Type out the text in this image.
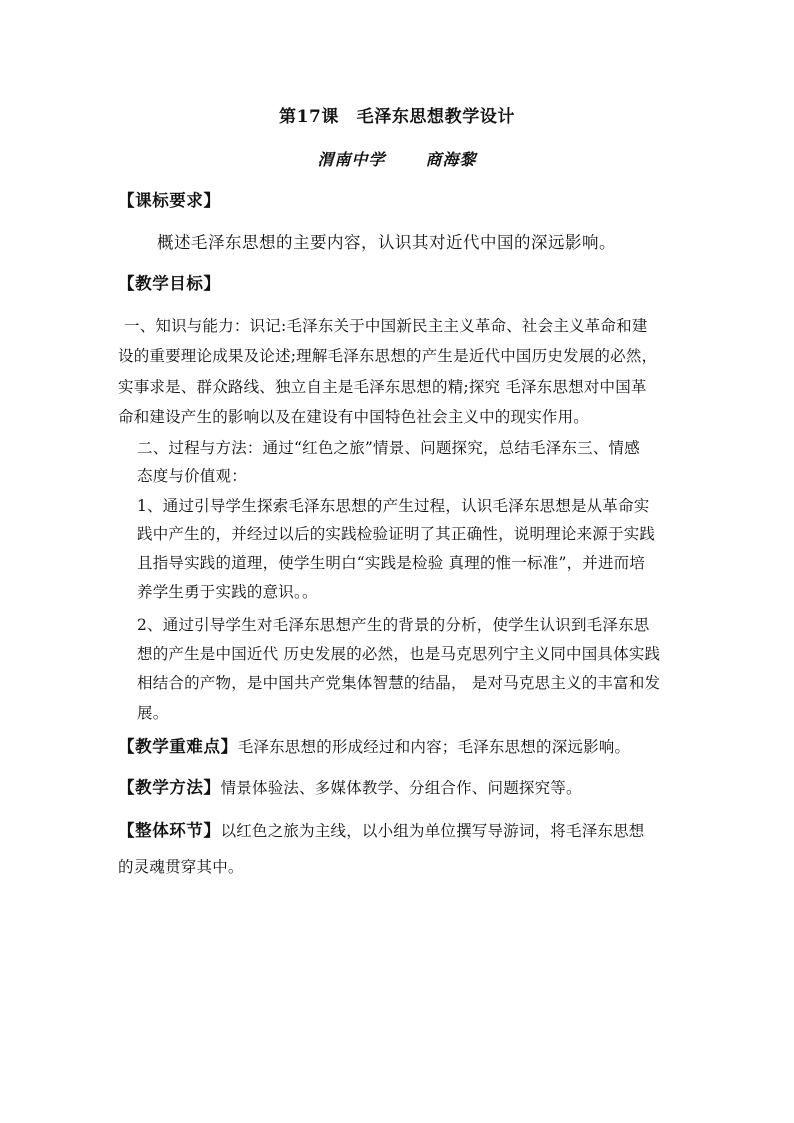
第17课　毛泽东思想教学设计
渭南中学	商海黎
【课标要求】
概述毛泽东思想的主要内容，认识其对近代中国的深远影响。
【教学目标】
一、知识与能力：识记:毛泽东关于中国新民主主义革命、社会主义革命和建
设的重要理论成果及论述;理解毛泽东思想的产生是近代中国历史发展的必然，
实事求是、群众路线、独立自主是毛泽东思想的精;探究 毛泽东思想对中国革
命和建设产生的影响以及在建设有中国特色社会主义中的现实作用。
二、过程与方法：通过“红色之旅”情景、问题探究，总结毛泽东三、情感
态度与价值观：
1、通过引导学生探索毛泽东思想的产生过程，认识毛泽东思想是从革命实
践中产生的，并经过以后的实践检验证明了其正确性，说明理论来源于实践
且指导实践的道理，使学生明白“实践是检验 真理的惟一标准”，并进而培
养学生勇于实践的意识。。
2、通过引导学生对毛泽东思想产生的背景的分析，使学生认识到毛泽东思
想的产生是中国近代 历史发展的必然，也是马克思列宁主义同中国具体实践
相结合的产物，是中国共产党集体智慧的结晶， 是对马克思主义的丰富和发
展。
【教学重难点】毛泽东思想的形成经过和内容；毛泽东思想的深远影响。
【教学方法】情景体验法、多媒体教学、分组合作、问题探究等。
【整体环节】以红色之旅为主线，以小组为单位撰写导游词，将毛泽东思想
的灵魂贯穿其中。
